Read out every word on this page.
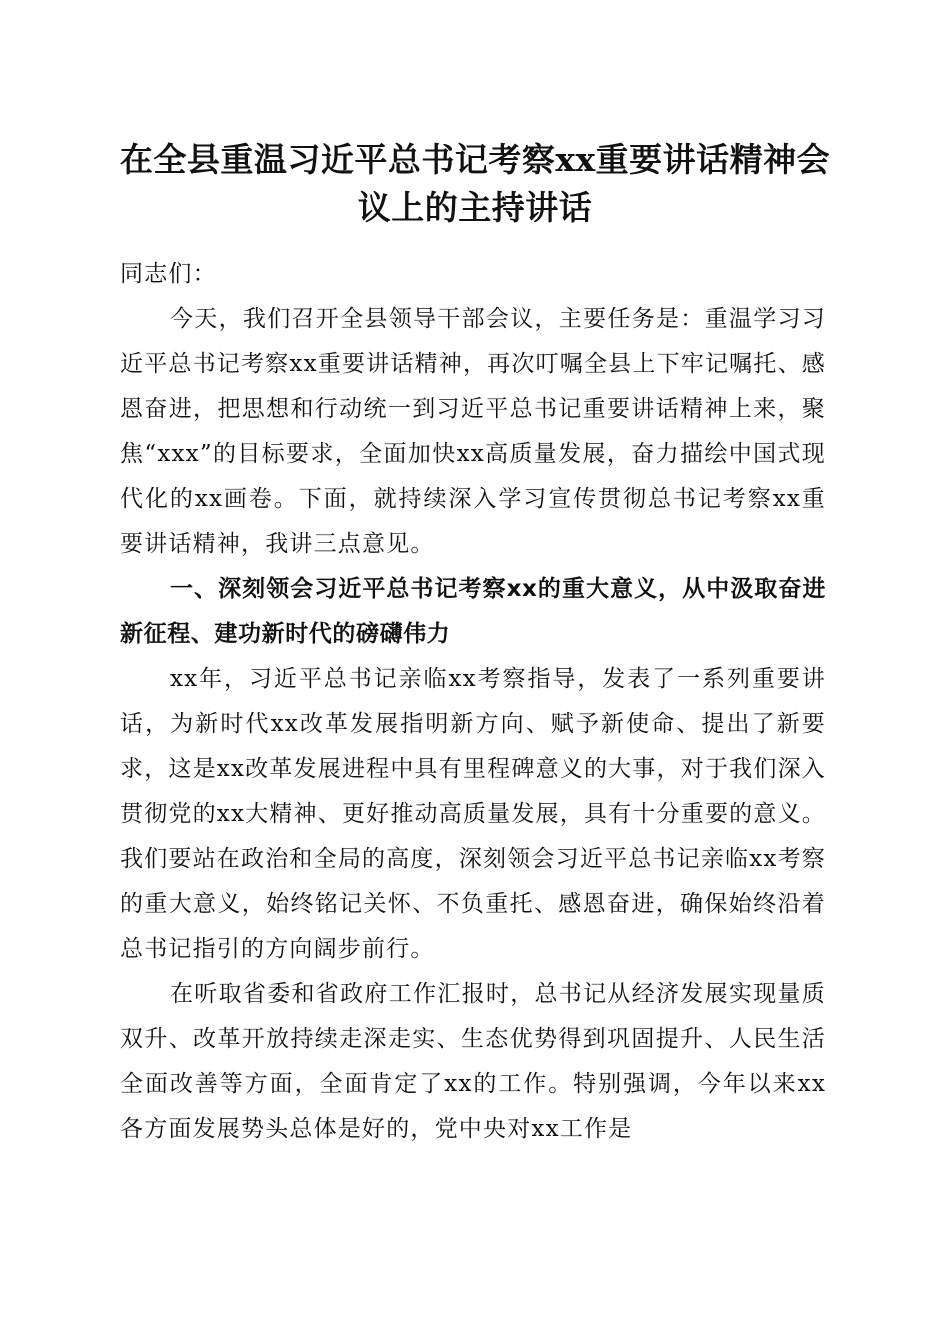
在全县重温习近平总书记考察xx重要讲话精神会议上的主持讲话

同志们：

今天，我们召开全县领导干部会议，主要任务是：重温学习习近平总书记考察xx重要讲话精神，再次叮嘱全县上下牢记嘱托、感恩奋进，把思想和行动统一到习近平总书记重要讲话精神上来，聚焦“xxx”的目标要求，全面加快xx高质量发展，奋力描绘中国式现代化的xx画卷。下面，就持续深入学习宣传贯彻总书记考察xx重要讲话精神，我讲三点意见。

一、深刻领会习近平总书记考察xx的重大意义，从中汲取奋进新征程、建功新时代的磅礴伟力

xx年，习近平总书记亲临xx考察指导，发表了一系列重要讲话，为新时代xx改革发展指明新方向、赋予新使命、提出了新要求，这是xx改革发展进程中具有里程碑意义的大事，对于我们深入贯彻党的xx大精神、更好推动高质量发展，具有十分重要的意义。我们要站在政治和全局的高度，深刻领会习近平总书记亲临xx考察的重大意义，始终铭记关怀、不负重托、感恩奋进，确保始终沿着总书记指引的方向阔步前行。

在听取省委和省政府工作汇报时，总书记从经济发展实现量质双升、改革开放持续走深走实、生态优势得到巩固提升、人民生活全面改善等方面，全面肯定了xx的工作。特别强调，今年以来xx各方面发展势头总体是好的，党中央对xx工作是
